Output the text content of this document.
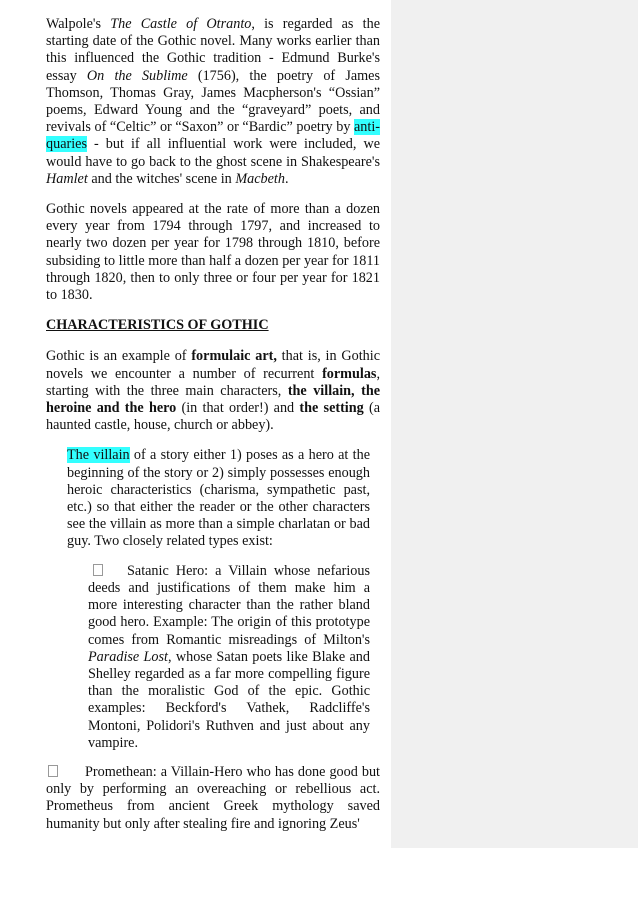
Walpole's The Castle of Otranto, is regarded as the starting date of the Gothic novel. Many works earlier than this influenced the Gothic tradition - Edmund Burke's essay On the Sublime (1756), the poetry of James Thomson, Thomas Gray, James Macpherson's “Ossian” poems, Edward Young and the “graveyard” poets, and revivals of “Celtic” or “Saxon” or “Bardic” poetry by anti-quaries - but if all influential work were included, we would have to go back to the ghost scene in Shakespeare's Hamlet and the witches' scene in Macbeth.

Gothic novels appeared at the rate of more than a dozen every year from 1794 through 1797, and increased to nearly two dozen per year for 1798 through 1810, before subsiding to little more than half a dozen per year for 1811 through 1820, then to only three or four per year for 1821 to 1830.

CHARACTERISTICS OF GOTHIC

Gothic is an example of formulaic art, that is, in Gothic novels we encounter a number of recurrent formulas, starting with the three main characters, the villain, the heroine and the hero (in that order!) and the setting (a haunted castle, house, church or abbey).

The villain of a story either 1) poses as a hero at the beginning of the story or 2) simply possesses enough heroic characteristics (charisma, sympathetic past, etc.) so that either the reader or the other characters see the villain as more than a simple charlatan or bad guy. Two closely related types exist:

Satanic Hero: a Villain whose nefarious deeds and justifications of them make him a more interesting character than the rather bland good hero. Example: The origin of this prototype comes from Romantic misreadings of Milton's Paradise Lost, whose Satan poets like Blake and Shelley regarded as a far more compelling figure than the moralistic God of the epic. Gothic examples: Beckford's Vathek, Radcliffe's Montoni, Polidori's Ruthven and just about any vampire.

Promethean: a Villain-Hero who has done good but only by performing an overeaching or rebellious act. Prometheus from ancient Greek mythology saved humanity but only after stealing fire and ignoring Zeus'
